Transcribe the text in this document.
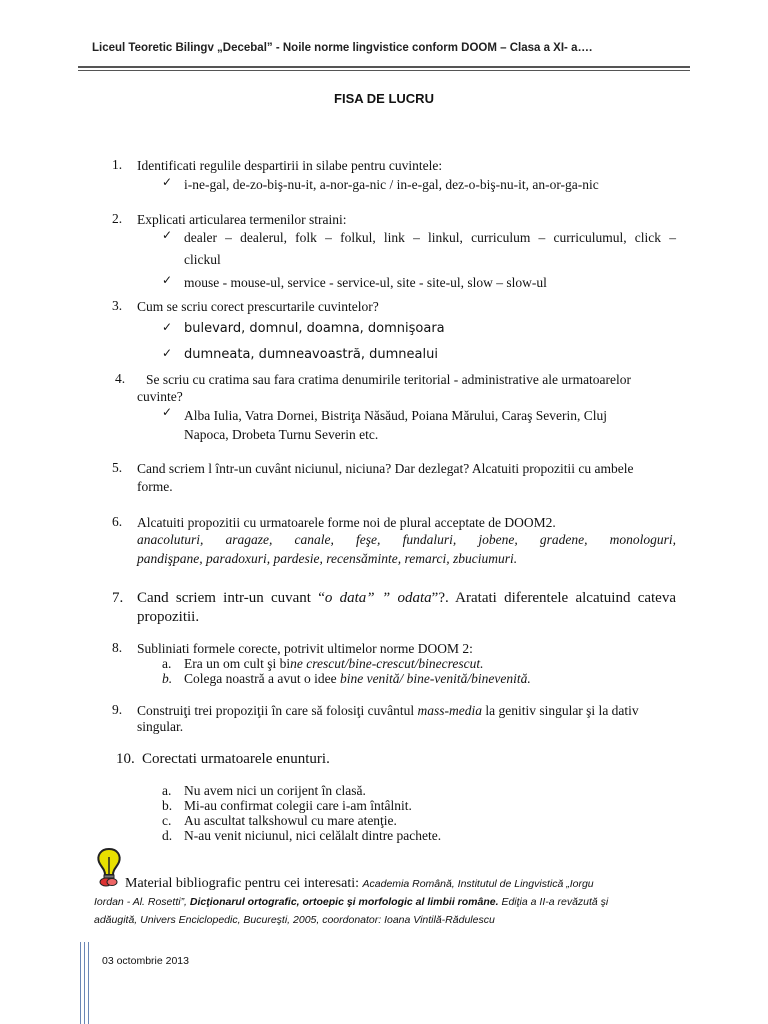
Liceul Teoretic Bilingv „Decebal” - Noile norme lingvistice conform DOOM – Clasa a XI- a….
FISA DE LUCRU
1. Identificati regulile despartirii in silabe pentru cuvintele:
✓ i-ne-gal, de-zo-biş-nu-it, a-nor-ga-nic / in-e-gal, dez-o-biş-nu-it, an-or-ga-nic
2. Explicati articularea termenilor straini:
✓ dealer – dealerul, folk – folkul, link – linkul, curriculum – curriculumul, click –
clickul
✓ mouse - mouse-ul, service - service-ul, site - site-ul, slow – slow-ul
3. Cum se scriu corect prescurtarile cuvintelor?
✓ bulevard, domnul, doamna, domnişoara
✓ dumneata, dumneavoastră, dumnealui
4. Se scriu cu cratima sau fara cratima denumirile teritorial - administrative ale urmatoarelor
cuvinte?
✓ Alba Iulia, Vatra Dornei, Bistriţa Năsăud, Poiana Mărului, Caraş Severin, Cluj
Napoca, Drobeta Turnu Severin etc.
5. Cand scriem l într-un cuvânt niciunul, niciuna? Dar dezlegat? Alcatuiti propozitii cu ambele
forme.
6. Alcatuiti propozitii cu urmatoarele forme noi de plural acceptate de DOOM2.
anacoluturi, aragaze, canale, feşe, fundaluri, jobene, gradene, monologuri,
pandişpane, paradoxuri, pardesie, recensăminte, remarci, zbuciumuri.
7. Cand scriem intr-un cuvant “o data” ” odata”?. Aratati diferentele alcatuind cateva
propozitii.
8. Subliniati formele corecte, potrivit ultimelor norme DOOM 2:
a. Era un om cult şi bine crescut/bine-crescut/binecrescut.
b. Colega noastră a avut o idee bine venită/ bine-venită/binevenită.
9. Construiţi trei propoziţii în care să folosiţi cuvântul mass-media la genitiv singular şi la dativ
singular.
10. Corectati urmatoarele enunturi.
a. Nu avem nici un corijent în clasă.
b. Mi-au confirmat colegii care i-am întâlnit.
c. Au ascultat talkshowul cu mare atenţie.
d. N-au venit niciunul, nici celălalt dintre pachete.
Material bibliografic pentru cei interesati: Academia Română, Institutul de Lingvistică „Iorgu
Iordan - Al. Rosetti”, Dicţionarul ortografic, ortoepic şi morfologic al limbii române. Ediţia a II-a revăzută şi
adăugită, Univers Enciclopedic, Bucureşti, 2005, coordonator: Ioana Vintilă-Rădulescu
03 octombrie 2013
